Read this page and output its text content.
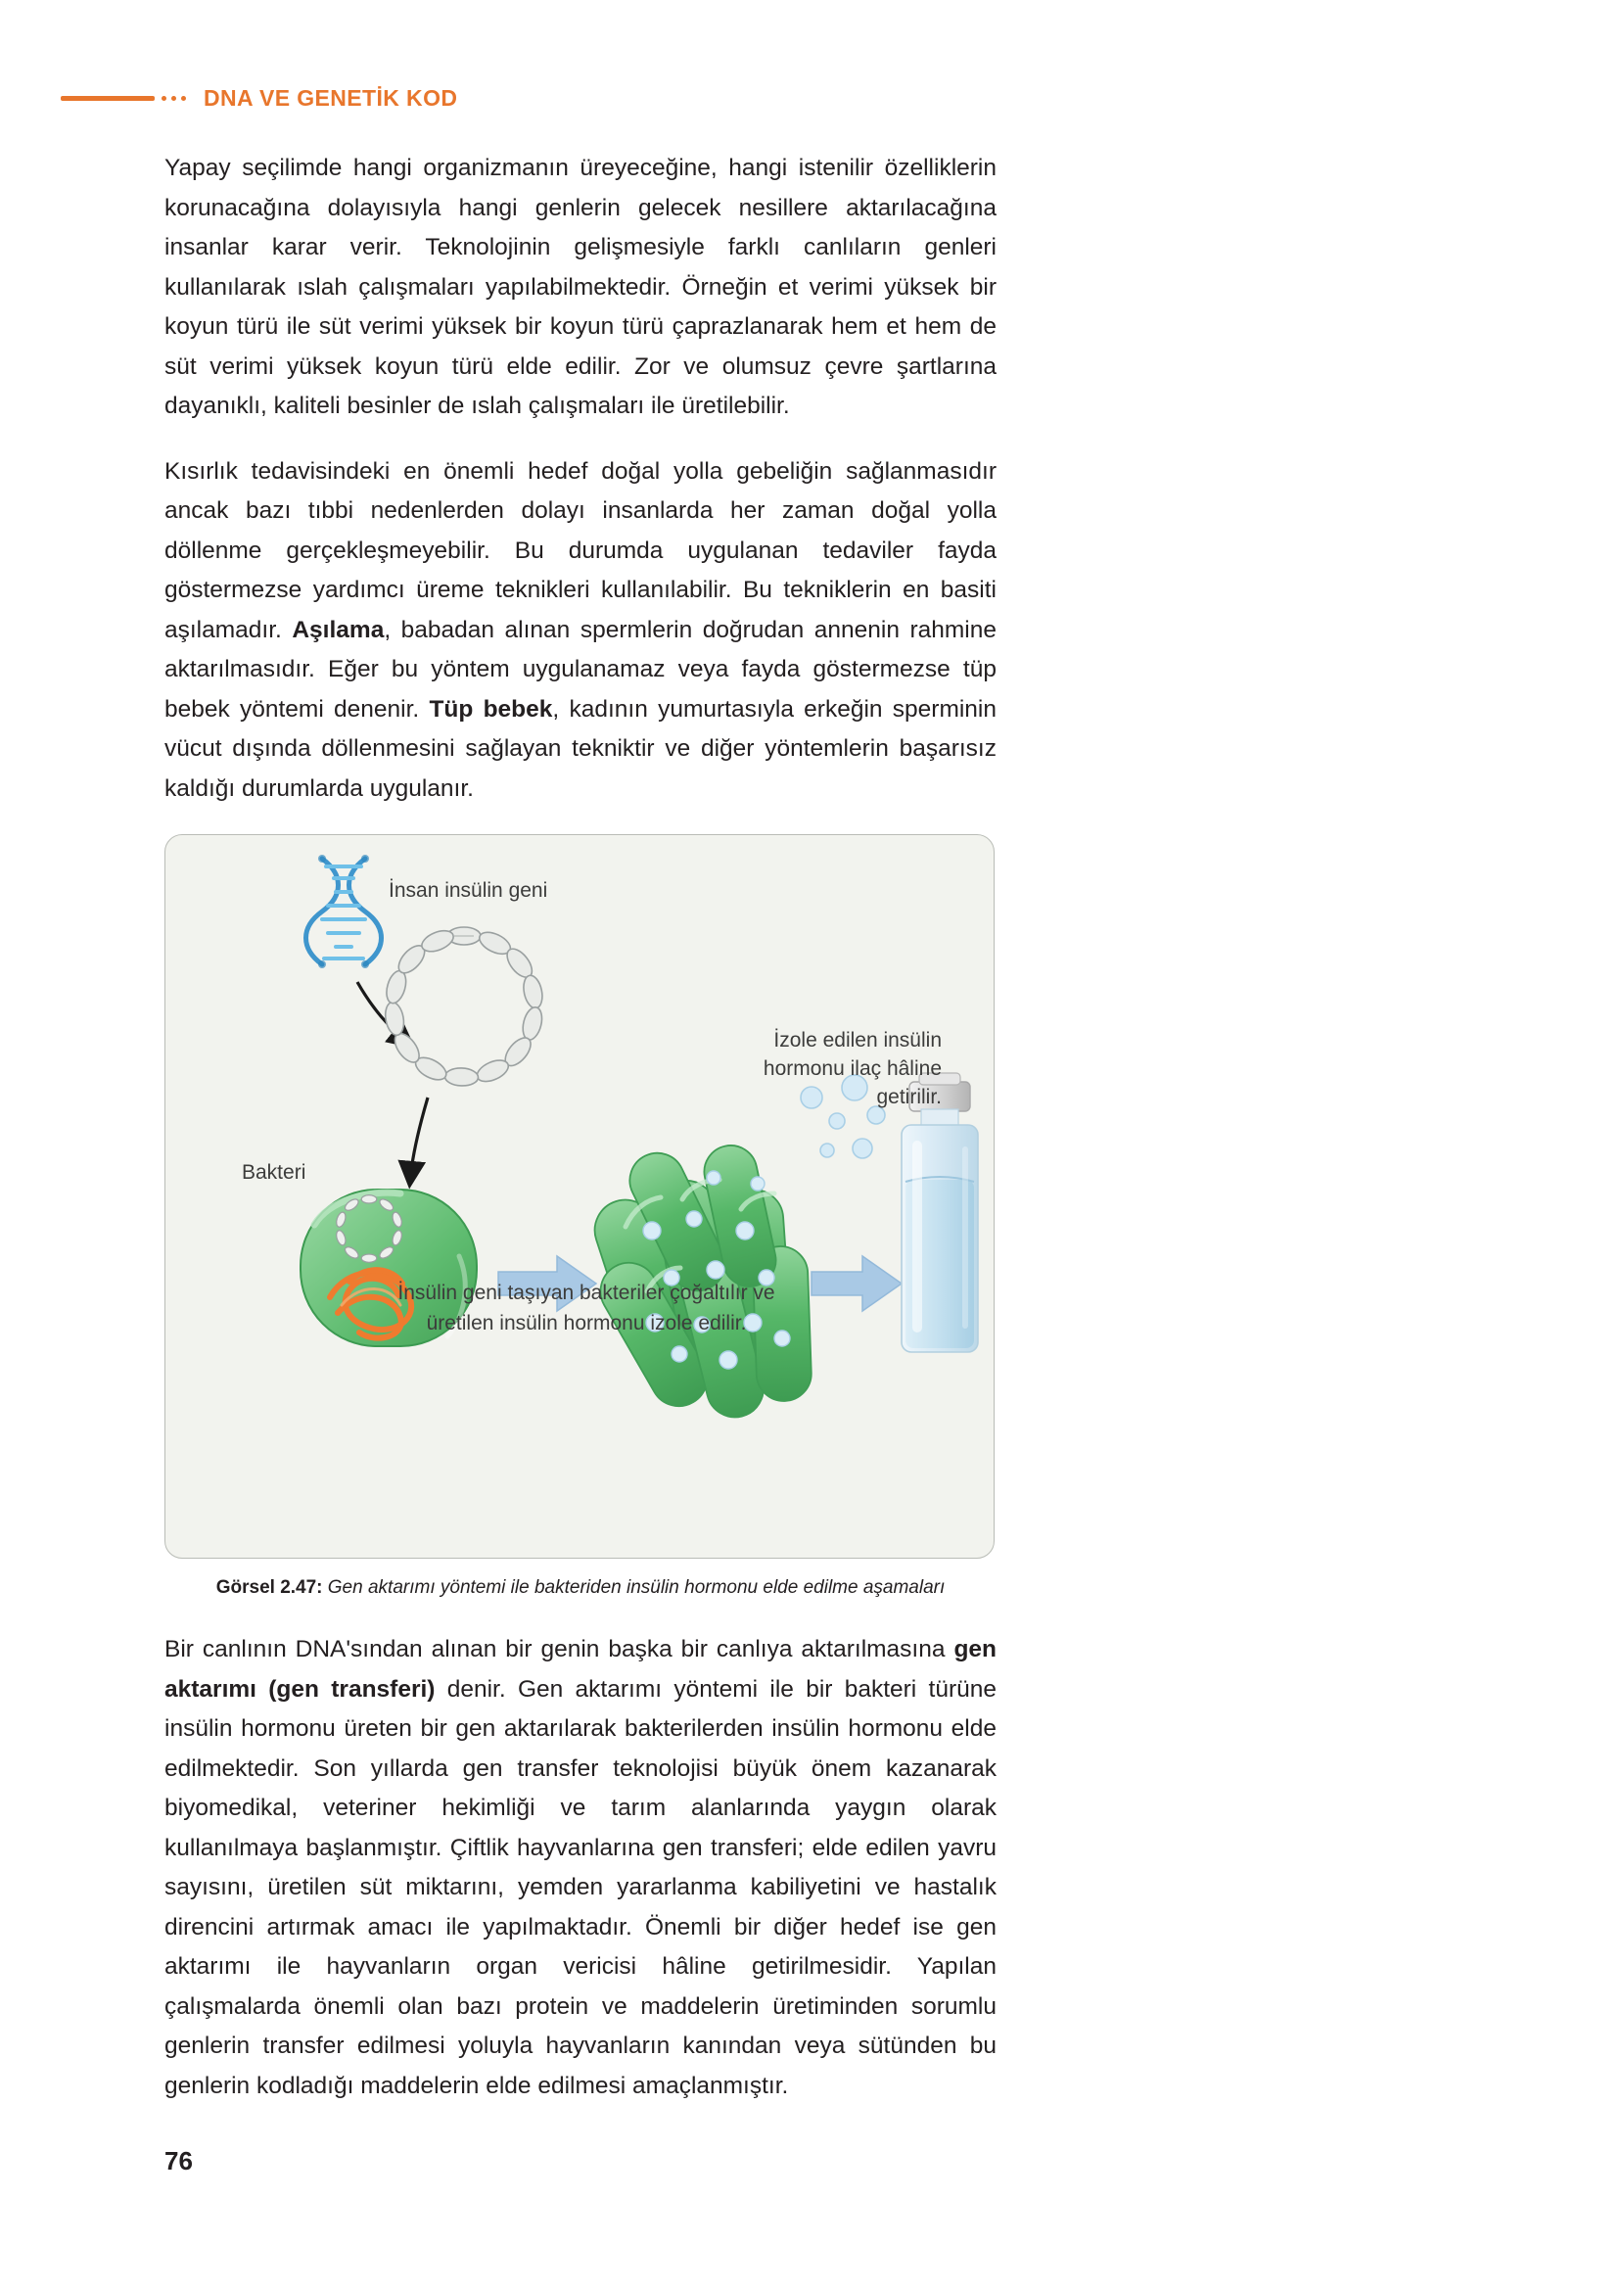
DNA VE GENETİK KOD

Yapay seçilimde hangi organizmanın üreyeceğine, hangi istenilir özelliklerin korunacağına dolayısıyla hangi genlerin gelecek nesillere aktarılacağına insanlar karar verir. Teknolojinin gelişmesiyle farklı canlıların genleri kullanılarak ıslah çalışmaları yapılabilmektedir. Örneğin et verimi yüksek bir koyun türü ile süt verimi yüksek bir koyun türü çaprazlanarak hem et hem de süt verimi yüksek koyun türü elde edilir. Zor ve olumsuz çevre şartlarına dayanıklı, kaliteli besinler de ıslah çalışmaları ile üretilebilir.

Kısırlık tedavisindeki en önemli hedef doğal yolla gebeliğin sağlanmasıdır ancak bazı tıbbi nedenlerden dolayı insanlarda her zaman doğal yolla döllenme gerçekleşmeyebilir. Bu durumda uygulanan tedaviler fayda göstermezse yardımcı üreme teknikleri kullanılabilir. Bu tekniklerin en basiti aşılamadır. Aşılama, babadan alınan spermlerin doğrudan annenin rahmine aktarılmasıdır. Eğer bu yöntem uygulanamaz veya fayda göstermezse tüp bebek yöntemi denenir. Tüp bebek, kadının yumurtasıyla erkeğin sperminin vücut dışında döllenmesini sağlayan tekniktir ve diğer yöntemlerin başarısız kaldığı durumlarda uygulanır.

İnsan insülin geni
Bakteri
İzole edilen insülin hormonu ilaç hâline getirilir.
İnsülin geni taşıyan bakteriler çoğaltılır ve üretilen insülin hormonu izole edilir.
Görsel 2.47: Gen aktarımı yöntemi ile bakteriden insülin hormonu elde edilme aşamaları

Bir canlının DNA'sından alınan bir genin başka bir canlıya aktarılmasına gen aktarımı (gen transferi) denir. Gen aktarımı yöntemi ile bir bakteri türüne insülin hormonu üreten bir gen aktarılarak bakterilerden insülin hormonu elde edilmektedir. Son yıllarda gen transfer teknolojisi büyük önem kazanarak biyomedikal, veteriner hekimliği ve tarım alanlarında yaygın olarak kullanılmaya başlanmıştır. Çiftlik hayvanlarına gen transferi; elde edilen yavru sayısını, üretilen süt miktarını, yemden yararlanma kabiliyetini ve hastalık direncini artırmak amacı ile yapılmaktadır. Önemli bir diğer hedef ise gen aktarımı ile hayvanların organ vericisi hâline getirilmesidir. Yapılan çalışmalarda önemli olan bazı protein ve maddelerin üretiminden sorumlu genlerin transfer edilmesi yoluyla hayvanların kanından veya sütünden bu genlerin kodladığı maddelerin elde edilmesi amaçlanmıştır.

76
